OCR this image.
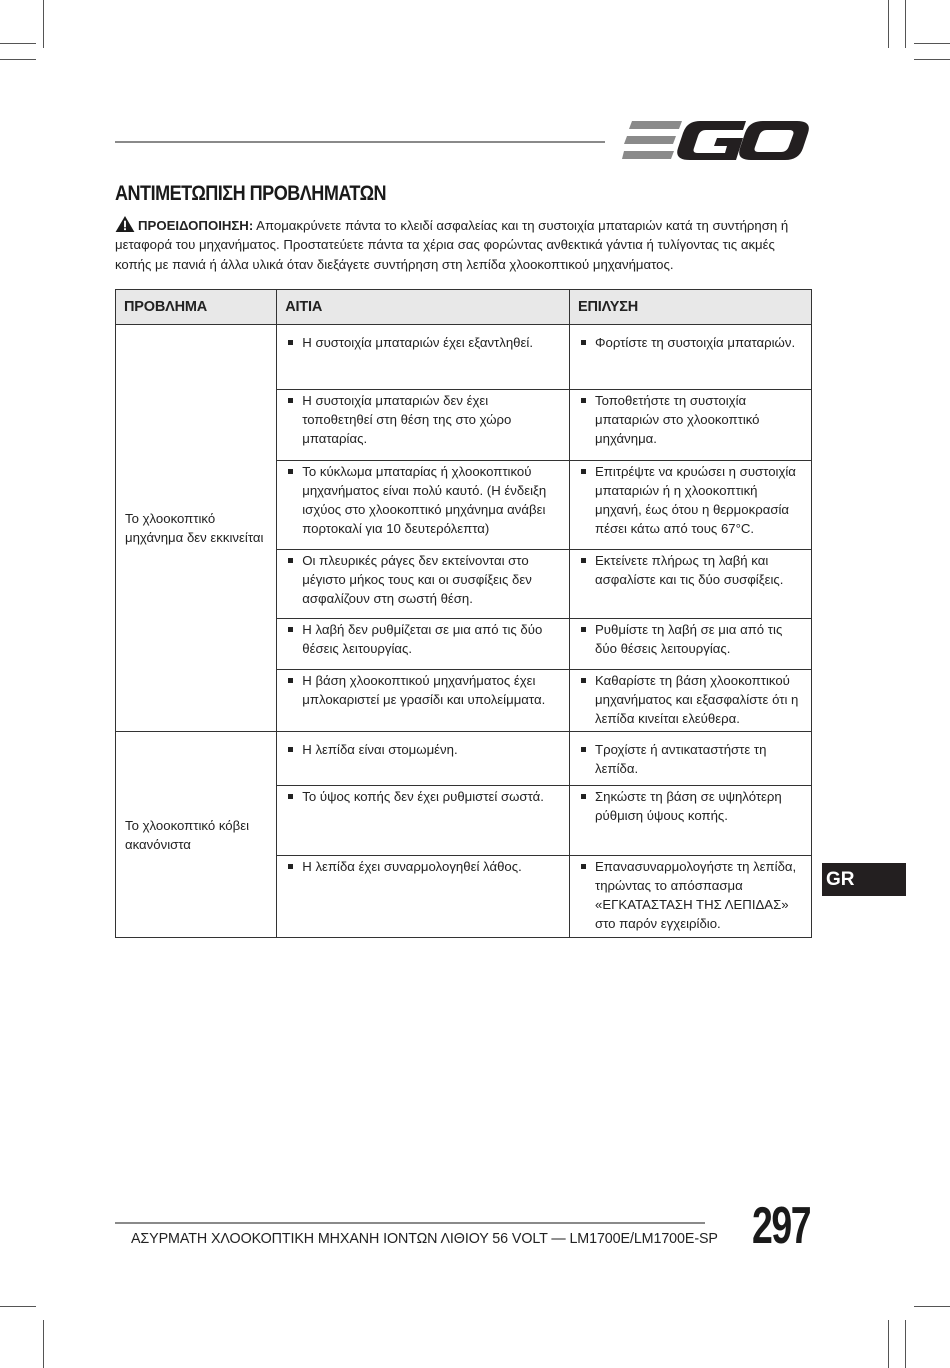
ΑΝΤΙΜΕΤΩΠΙΣΗ ΠΡΟΒΛΗΜΑΤΩΝ
ΠΡΟΕΙΔΟΠΟΙΗΣΗ: Απομακρύνετε πάντα το κλειδί ασφαλείας και τη συστοιχία μπαταριών κατά τη συντήρηση ή μεταφορά του μηχανήματος. Προστατεύετε πάντα τα χέρια σας φορώντας ανθεκτικά γάντια ή τυλίγοντας τις ακμές κοπής με πανιά ή άλλα υλικά όταν διεξάγετε συντήρηση στη λεπίδα χλοοκοπτικού μηχανήματος.
ΠΡΟΒΛΗΜΑ	ΑΙΤΙΑ	ΕΠΙΛΥΣΗ
Το χλοοκοπτικό μηχάνημα δεν εκκινείται	Η συστοιχία μπαταριών έχει εξαντληθεί.	Φορτίστε τη συστοιχία μπαταριών.

	Η συστοιχία μπαταριών δεν έχει τοποθετηθεί στη θέση της στο χώρο μπαταρίας.	Τοποθετήστε τη συστοιχία μπαταριών στο χλοοκοπτικό μηχάνημα.

	Το κύκλωμα μπαταρίας ή χλοοκοπτικού μηχανήματος είναι πολύ καυτό. (Η ένδειξη ισχύος στο χλοοκοπτικό μηχάνημα ανάβει πορτοκαλί για 10 δευτερόλεπτα)	Επιτρέψτε να κρυώσει η συστοιχία μπαταριών ή η χλοοκοπτική μηχανή, έως ότου η θερμοκρασία πέσει κάτω από τους 67°C.

	Οι πλευρικές ράγες δεν εκτείνονται στο μέγιστο μήκος τους και οι συσφίξεις δεν ασφαλίζουν στη σωστή θέση.	Εκτείνετε πλήρως τη λαβή και ασφαλίστε και τις δύο συσφίξεις.

	Η λαβή δεν ρυθμίζεται σε μια από τις δύο θέσεις λειτουργίας.	Ρυθμίστε τη λαβή σε μια από τις δύο θέσεις λειτουργίας.

	Η βάση χλοοκοπτικού μηχανήματος έχει μπλοκαριστεί με γρασίδι και υπολείμματα.	Καθαρίστε τη βάση χλοοκοπτικού μηχανήματος και εξασφαλίστε ότι η λεπίδα κινείται ελεύθερα.

Το χλοοκοπτικό κόβει ακανόνιστα	Η λεπίδα είναι στομωμένη.	Τροχίστε ή αντικαταστήστε τη λεπίδα.

	Το ύψος κοπής δεν έχει ρυθμιστεί σωστά.	Σηκώστε τη βάση σε υψηλότερη ρύθμιση ύψους κοπής.

	Η λεπίδα έχει συναρμολογηθεί λάθος.	Επανασυναρμολογήστε τη λεπίδα, τηρώντας το απόσπασμα «ΕΓΚΑΤΑΣΤΑΣΗ ΤΗΣ ΛΕΠΙΔΑΣ» στο παρόν εγχειρίδιο.
GR
ΑΣΥΡΜΑΤΗ ΧΛΟΟΚΟΠΤΙΚΗ ΜΗΧΑΝΗ ΙΟΝΤΩΝ ΛΙΘΙΟΥ 56 VOLT — LM1700E/LM1700E-SP 297
